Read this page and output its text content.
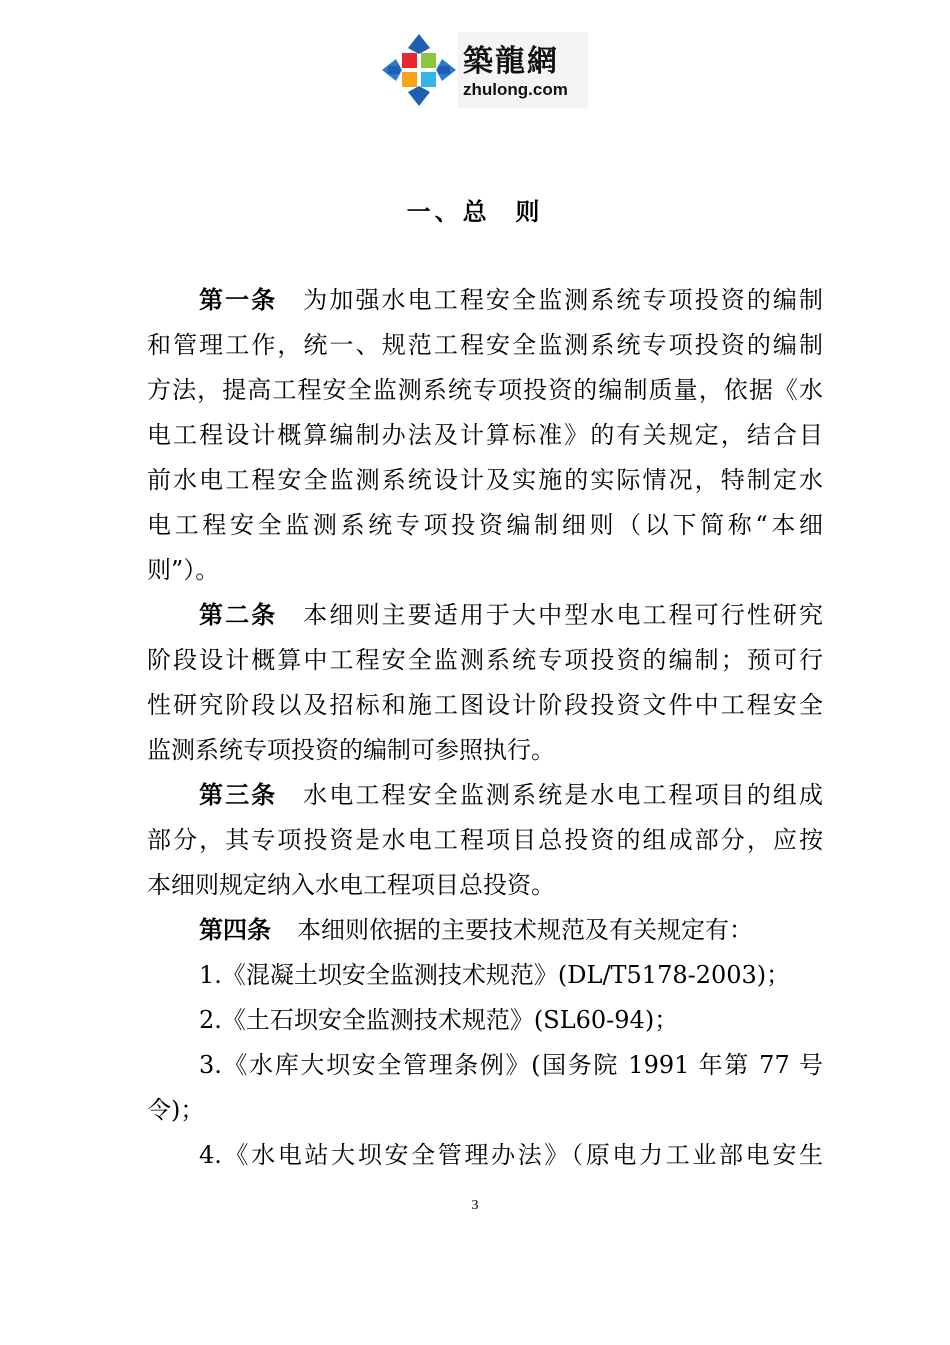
築龍網
zhulong.com
一、总  则
第一条 为加强水电工程安全监测系统专项投资的编制
和管理工作，统一、规范工程安全监测系统专项投资的编制
方法，提高工程安全监测系统专项投资的编制质量，依据《水
电工程设计概算编制办法及计算标准》的有关规定，结合目
前水电工程安全监测系统设计及实施的实际情况，特制定水
电工程安全监测系统专项投资编制细则（以下简称“本细
则”）。
第二条 本细则主要适用于大中型水电工程可行性研究
阶段设计概算中工程安全监测系统专项投资的编制；预可行
性研究阶段以及招标和施工图设计阶段投资文件中工程安全
监测系统专项投资的编制可参照执行。
第三条 水电工程安全监测系统是水电工程项目的组成
部分，其专项投资是水电工程项目总投资的组成部分，应按
本细则规定纳入水电工程项目总投资。
第四条 本细则依据的主要技术规范及有关规定有：
1.《混凝土坝安全监测技术规范》(DL/T5178-2003)；
2.《土石坝安全监测技术规范》(SL60-94)；
3.《水库大坝安全管理条例》(国务院 1991 年第 77 号
令)；
4.《水电站大坝安全管理办法》（原电力工业部电安生
3
